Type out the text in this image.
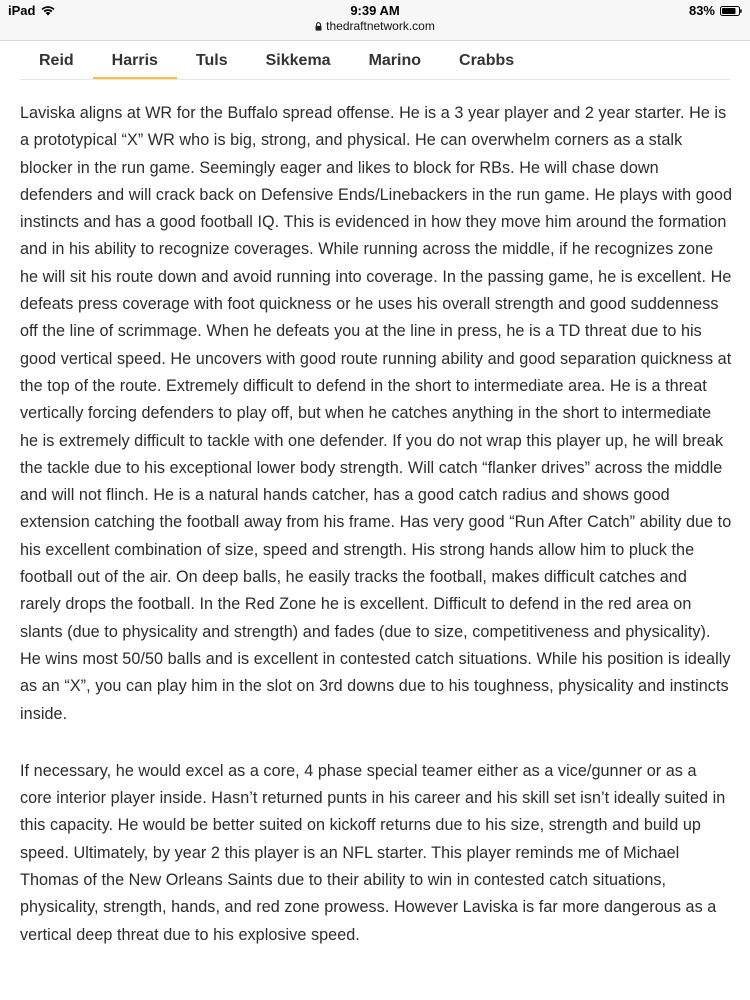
iPad	9:39 AM
thedraftnetwork.com
83%
Reid	Harris	Tuls	Sikkema	Marino	Crabbs

Laviska aligns at WR for the Buffalo spread offense. He is a 3 year player and 2 year starter. He is a prototypical “X” WR who is big, strong, and physical. He can overwhelm corners as a stalk blocker in the run game. Seemingly eager and likes to block for RBs. He will chase down defenders and will crack back on Defensive Ends/Linebackers in the run game. He plays with good instincts and has a good football IQ. This is evidenced in how they move him around the formation and in his ability to recognize coverages. While running across the middle, if he recognizes zone he will sit his route down and avoid running into coverage. In the passing game, he is excellent. He defeats press coverage with foot quickness or he uses his overall strength and good suddenness off the line of scrimmage. When he defeats you at the line in press, he is a TD threat due to his good vertical speed. He uncovers with good route running ability and good separation quickness at the top of the route. Extremely difficult to defend in the short to intermediate area. He is a threat vertically forcing defenders to play off, but when he catches anything in the short to intermediate he is extremely difficult to tackle with one defender. If you do not wrap this player up, he will break the tackle due to his exceptional lower body strength. Will catch “flanker drives” across the middle and will not flinch. He is a natural hands catcher, has a good catch radius and shows good extension catching the football away from his frame. Has very good “Run After Catch” ability due to his excellent combination of size, speed and strength. His strong hands allow him to pluck the football out of the air. On deep balls, he easily tracks the football, makes difficult catches and rarely drops the football. In the Red Zone he is excellent. Difficult to defend in the red area on slants (due to physicality and strength) and fades (due to size, competitiveness and physicality). He wins most 50/50 balls and is excellent in contested catch situations. While his position is ideally as an “X”, you can play him in the slot on 3rd downs due to his toughness, physicality and instincts inside.

If necessary, he would excel as a core, 4 phase special teamer either as a vice/gunner or as a core interior player inside. Hasn’t returned punts in his career and his skill set isn’t ideally suited in this capacity. He would be better suited on kickoff returns due to his size, strength and build up speed. Ultimately, by year 2 this player is an NFL starter. This player reminds me of Michael Thomas of the New Orleans Saints due to their ability to win in contested catch situations, physicality, strength, hands, and red zone prowess. However Laviska is far more dangerous as a vertical deep threat due to his explosive speed.
